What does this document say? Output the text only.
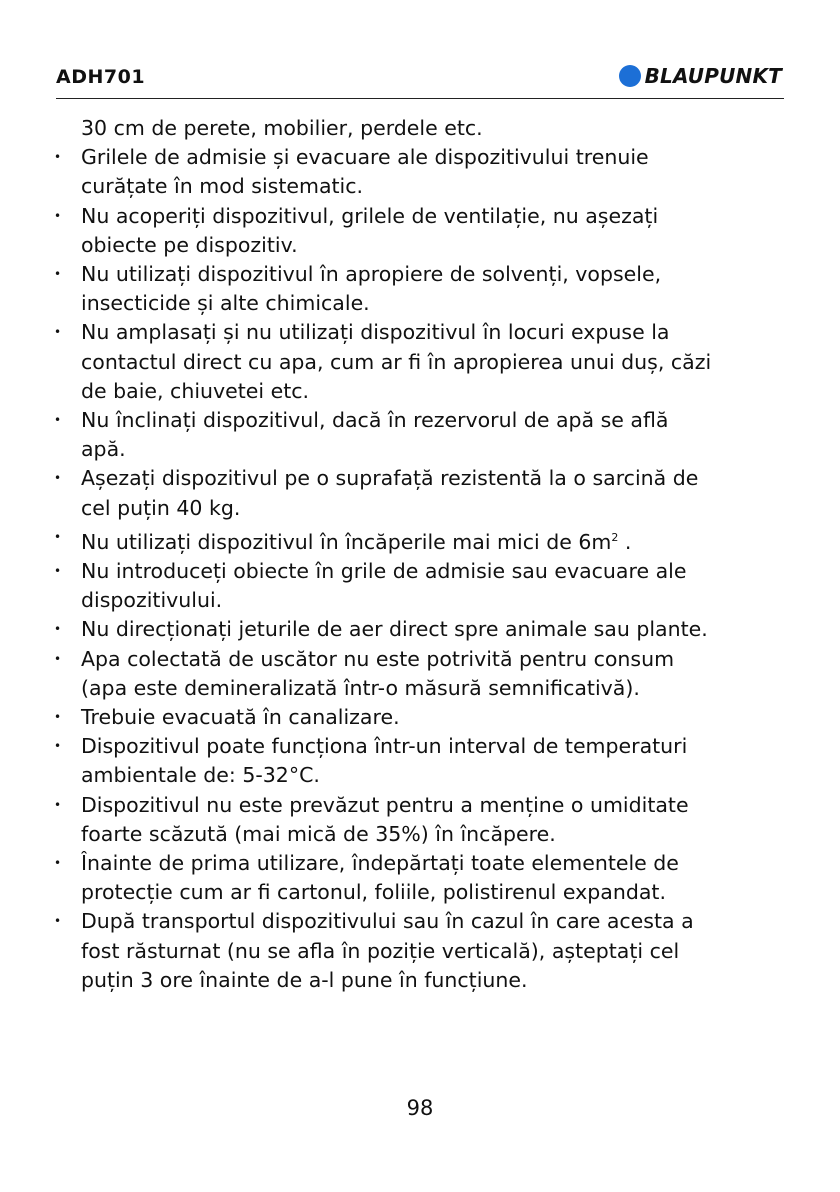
ADH701	BLAUPUNKT
30 cm de perete, mobilier, perdele etc.
• Grilele de admisie și evacuare ale dispozitivului trenuie
curățate în mod sistematic.
• Nu acoperiți dispozitivul, grilele de ventilație, nu așezați
obiecte pe dispozitiv.
• Nu utilizați dispozitivul în apropiere de solvenți, vopsele,
insecticide și alte chimicale.
• Nu amplasați și nu utilizați dispozitivul în locuri expuse la
contactul direct cu apa, cum ar fi în apropierea unui duș, căzi
de baie, chiuvetei etc.
• Nu înclinați dispozitivul, dacă în rezervorul de apă se află
apă.
• Așezați dispozitivul pe o suprafață rezistentă la o sarcină de
cel puțin 40 kg.
• Nu utilizați dispozitivul în încăperile mai mici de $6m^2$ .
• Nu introduceți obiecte în grile de admisie sau evacuare ale
dispozitivului.
• Nu direcționați jeturile de aer direct spre animale sau plante.
• Apa colectată de uscător nu este potrivită pentru consum
(apa este demineralizată într-o măsură semnificativă).
• Trebuie evacuată în canalizare.
• Dispozitivul poate funcționa într-un interval de temperaturi
ambientale de: 5-32°C.
• Dispozitivul nu este prevăzut pentru a menține o umiditate
foarte scăzută (mai mică de 35%) în încăpere.
• Înainte de prima utilizare, îndepărtați toate elementele de
protecție cum ar fi cartonul, foliile, polistirenul expandat.
• După transportul dispozitivului sau în cazul în care acesta a
fost răsturnat (nu se afla în poziție verticală), așteptați cel
puțin 3 ore înainte de a-l pune în funcțiune.
98
